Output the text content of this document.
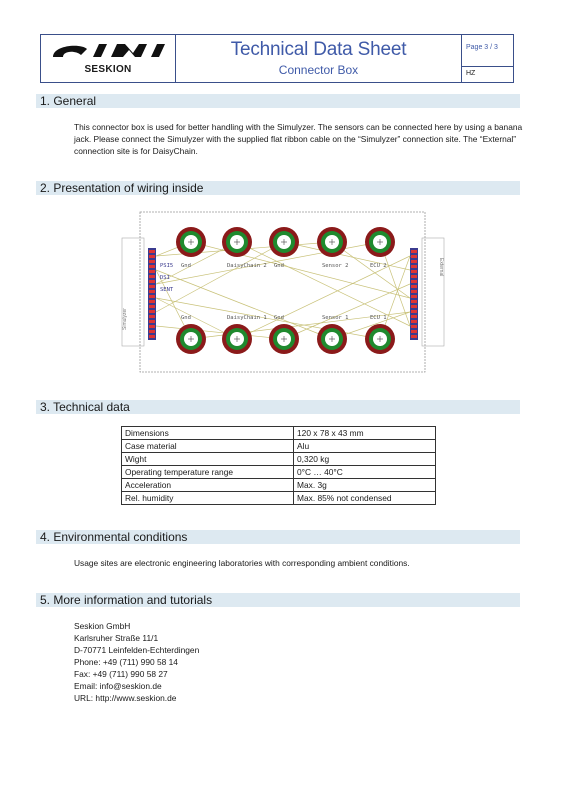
SESKION
Technical Data Sheet
Connector Box
Page 3 / 3
HZ
1. General
This connector box is used for better handling with the Simulyzer. The sensors can be connected here by using a banana jack. Please connect the Simulyzer with the supplied flat ribbon cable on the “Simulyzer” connection site. The “External” connection site is for DaisyChain.
2. Presentation of wiring inside
Gnd	DaisyChain 2 Gnd	Sensor 2	ECU 2
Gnd	DaisyChain 1 Gnd	Sensor 1	ECU 1
PSI5
DSI
SENT
Simulyzer
External
3. Technical data
Dimensions	120 x 78 x 43 mm
Case material	Alu
Wight	0,320 kg
Operating temperature range	0°C … 40°C
Acceleration	Max. 3g
Rel. humidity	Max. 85% not condensed
4. Environmental conditions
Usage sites are electronic engineering laboratories with corresponding ambient conditions.
5. More information and tutorials
Seskion GmbH
Karlsruher Straße 11/1
D-70771 Leinfelden-Echterdingen
Phone: +49 (711) 990 58 14
Fax: +49 (711) 990 58 27
Email: info@seskion.de
URL: http://www.seskion.de
